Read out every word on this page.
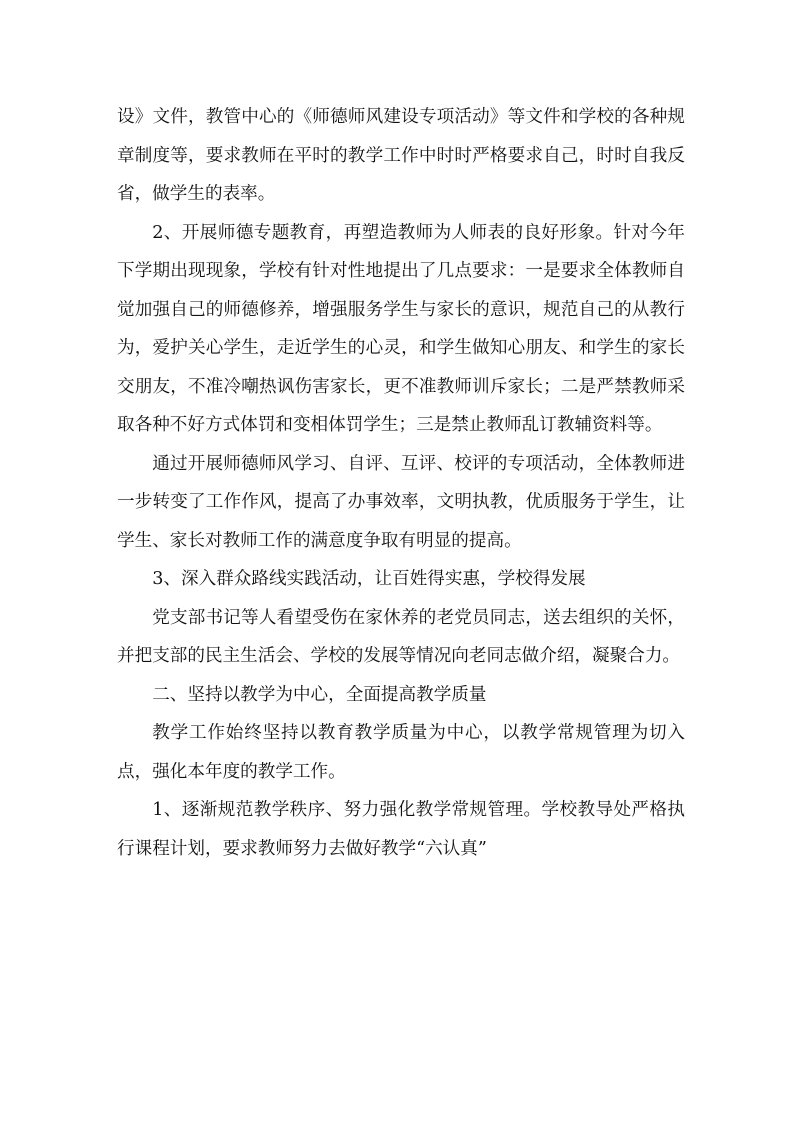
设》文件，教管中心的《师德师风建设专项活动》等文件和学校的各种规章制度等，要求教师在平时的教学工作中时时严格要求自己，时时自我反省，做学生的表率。

2、开展师德专题教育，再塑造教师为人师表的良好形象。针对今年下学期出现现象，学校有针对性地提出了几点要求：一是要求全体教师自觉加强自己的师德修养，增强服务学生与家长的意识，规范自己的从教行为，爱护关心学生，走近学生的心灵，和学生做知心朋友、和学生的家长交朋友，不准冷嘲热讽伤害家长，更不准教师训斥家长；二是严禁教师采取各种不好方式体罚和变相体罚学生；三是禁止教师乱订教辅资料等。

通过开展师德师风学习、自评、互评、校评的专项活动，全体教师进一步转变了工作作风，提高了办事效率，文明执教，优质服务于学生，让学生、家长对教师工作的满意度争取有明显的提高。

3、深入群众路线实践活动，让百姓得实惠，学校得发展

党支部书记等人看望受伤在家休养的老党员同志，送去组织的关怀，并把支部的民主生活会、学校的发展等情况向老同志做介绍，凝聚合力。

二、坚持以教学为中心，全面提高教学质量

教学工作始终坚持以教育教学质量为中心，以教学常规管理为切入点，强化本年度的教学工作。

1、逐渐规范教学秩序、努力强化教学常规管理。学校教导处严格执行课程计划，要求教师努力去做好教学“六认真”
